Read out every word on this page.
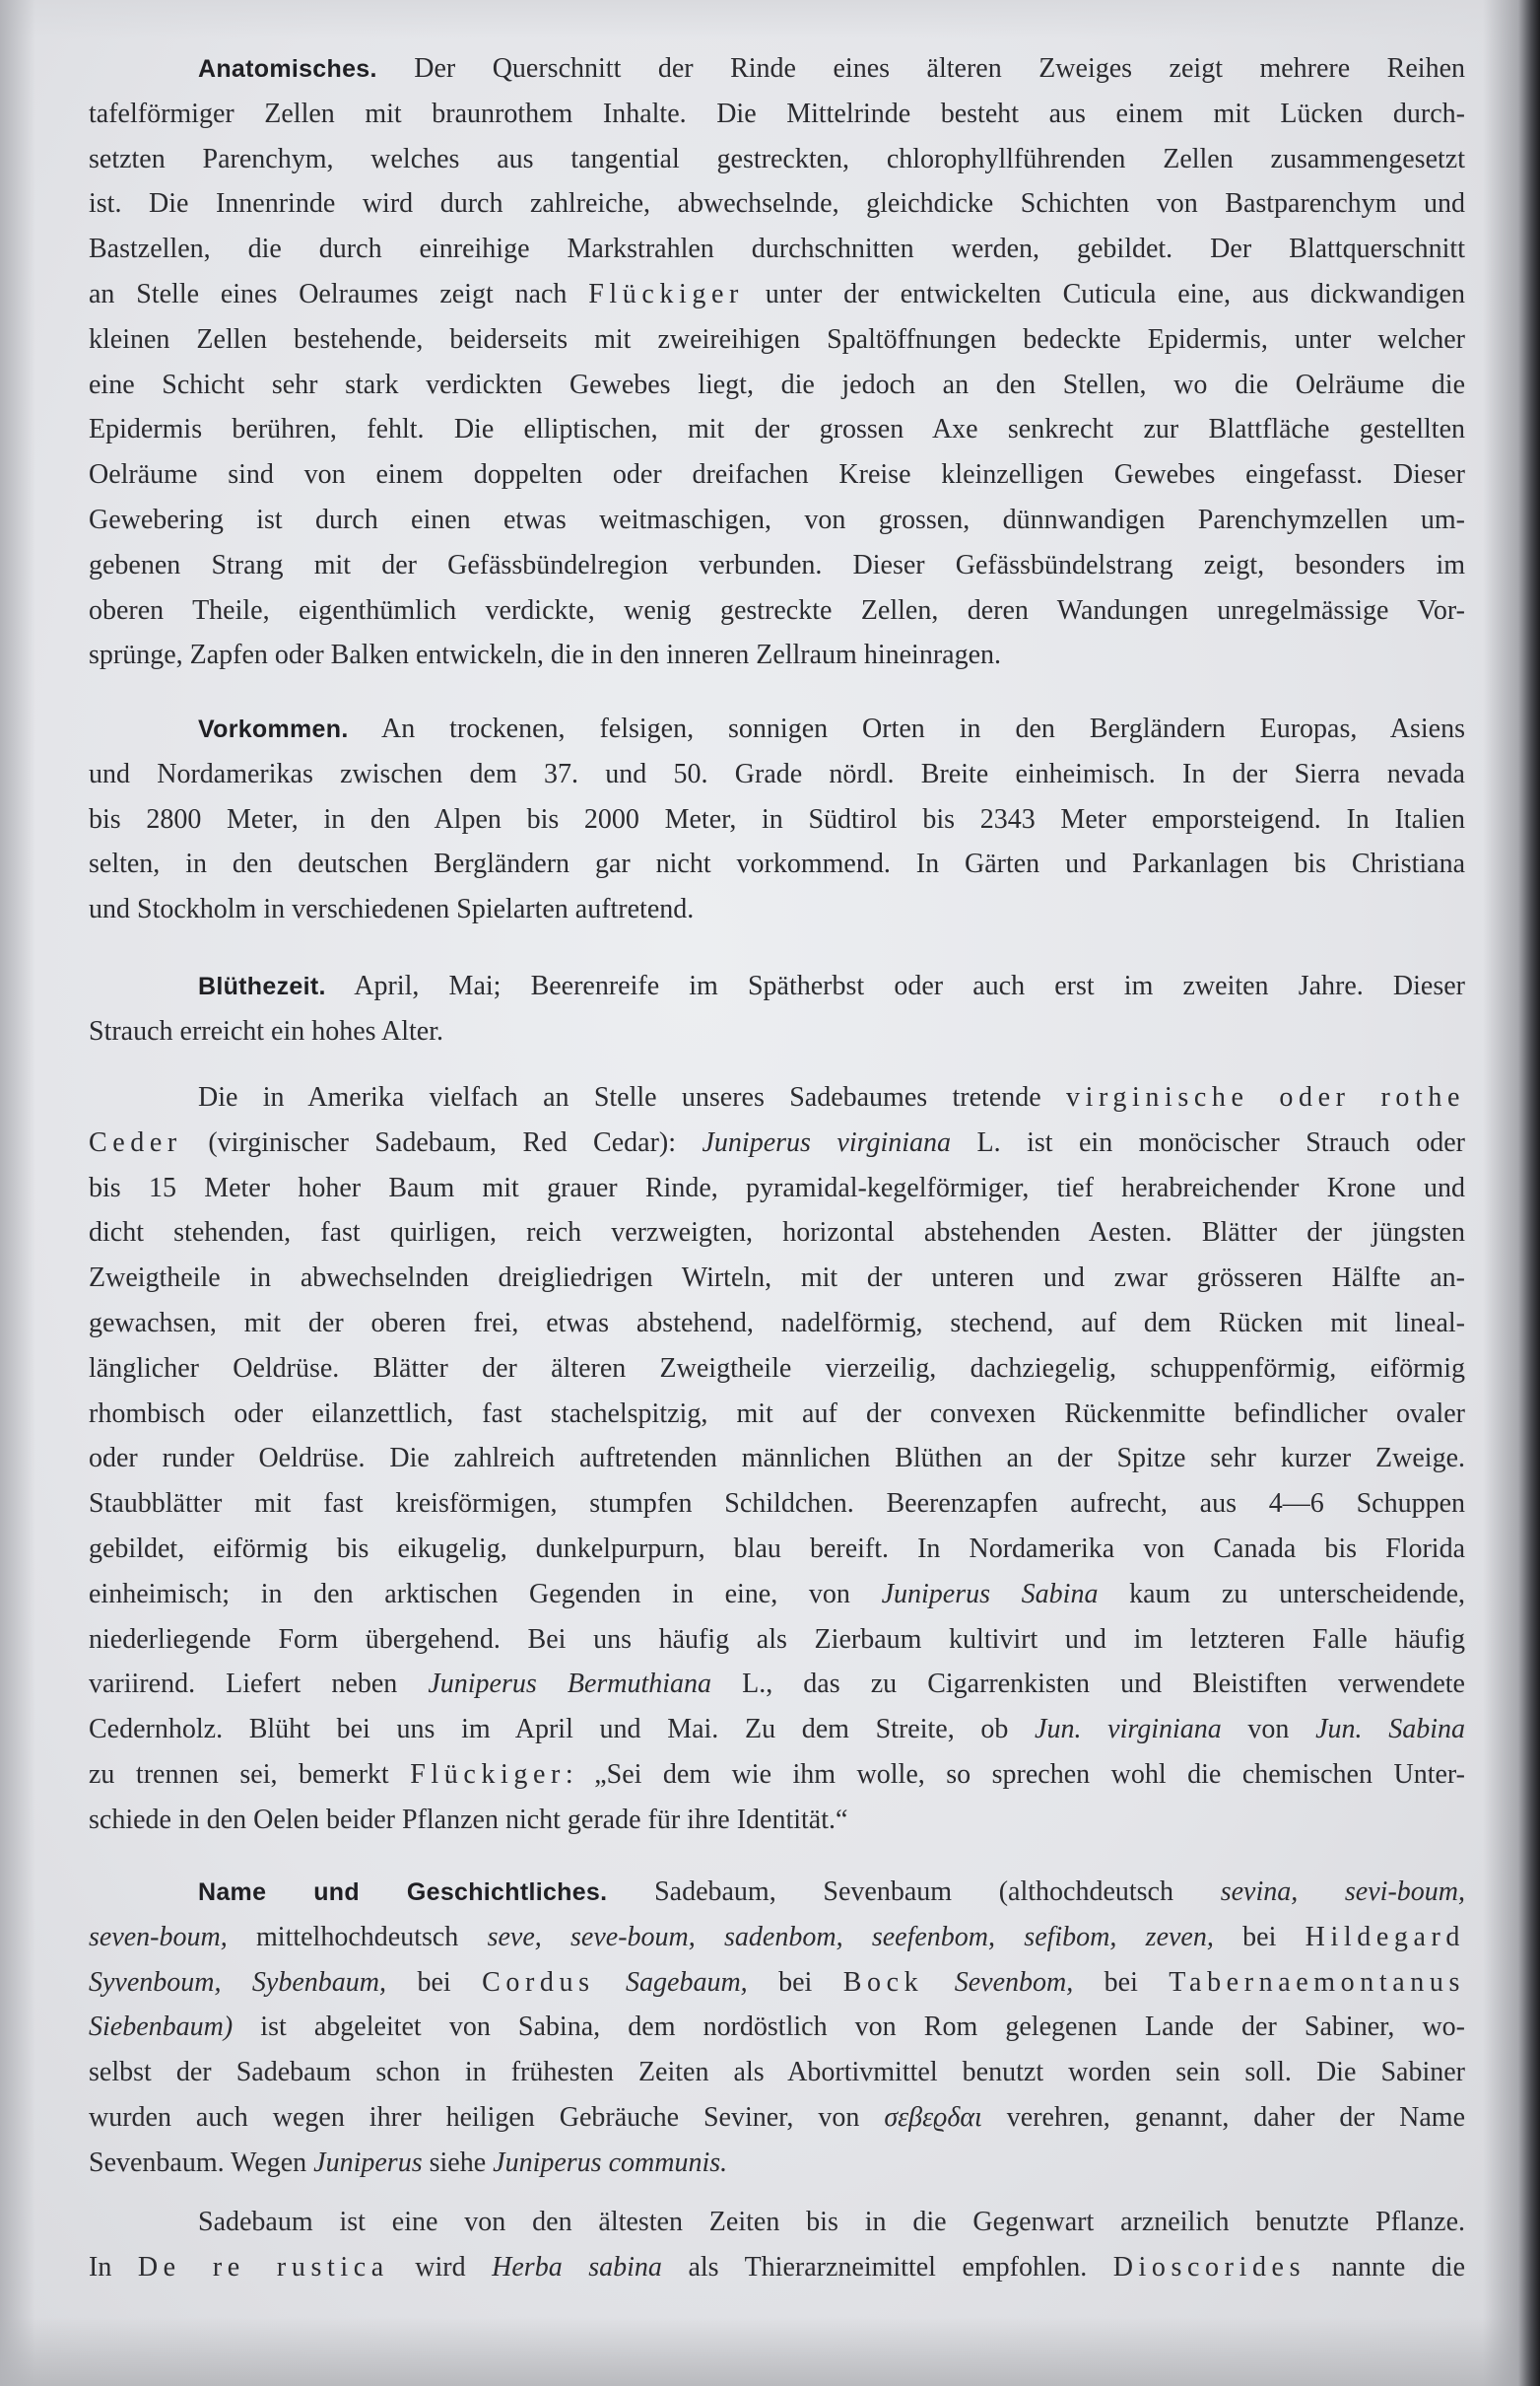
Anatomisches. Der Querschnitt der Rinde eines älteren Zweiges zeigt mehrere Reihen
tafelförmiger Zellen mit braunrothem Inhalte. Die Mittelrinde besteht aus einem mit Lücken durch-
setzten Parenchym, welches aus tangential gestreckten, chlorophyllführenden Zellen zusammengesetzt
ist. Die Innenrinde wird durch zahlreiche, abwechselnde, gleichdicke Schichten von Bastparenchym und
Bastzellen, die durch einreihige Markstrahlen durchschnitten werden, gebildet. Der Blattquerschnitt
an Stelle eines Oelraumes zeigt nach Flückiger unter der entwickelten Cuticula eine, aus dickwandigen
kleinen Zellen bestehende, beiderseits mit zweireihigen Spaltöffnungen bedeckte Epidermis, unter welcher
eine Schicht sehr stark verdickten Gewebes liegt, die jedoch an den Stellen, wo die Oelräume die
Epidermis berühren, fehlt. Die elliptischen, mit der grossen Axe senkrecht zur Blattfläche gestellten
Oelräume sind von einem doppelten oder dreifachen Kreise kleinzelligen Gewebes eingefasst. Dieser
Gewebering ist durch einen etwas weitmaschigen, von grossen, dünnwandigen Parenchymzellen um-
gebenen Strang mit der Gefässbündelregion verbunden. Dieser Gefässbündelstrang zeigt, besonders im
oberen Theile, eigenthümlich verdickte, wenig gestreckte Zellen, deren Wandungen unregelmässige Vor-
sprünge, Zapfen oder Balken entwickeln, die in den inneren Zellraum hineinragen.
Vorkommen. An trockenen, felsigen, sonnigen Orten in den Bergländern Europas, Asiens
und Nordamerikas zwischen dem 37. und 50. Grade nördl. Breite einheimisch. In der Sierra nevada
bis 2800 Meter, in den Alpen bis 2000 Meter, in Südtirol bis 2343 Meter emporsteigend. In Italien
selten, in den deutschen Bergländern gar nicht vorkommend. In Gärten und Parkanlagen bis Christiana
und Stockholm in verschiedenen Spielarten auftretend.
Blüthezeit. April, Mai; Beerenreife im Spätherbst oder auch erst im zweiten Jahre. Dieser
Strauch erreicht ein hohes Alter.
Die in Amerika vielfach an Stelle unseres Sadebaumes tretende virginische oder rothe
Ceder (virginischer Sadebaum, Red Cedar): Juniperus virginiana L. ist ein monöcischer Strauch oder
bis 15 Meter hoher Baum mit grauer Rinde, pyramidal-kegelförmiger, tief herabreichender Krone und
dicht stehenden, fast quirligen, reich verzweigten, horizontal abstehenden Aesten. Blätter der jüngsten
Zweigtheile in abwechselnden dreigliedrigen Wirteln, mit der unteren und zwar grösseren Hälfte an-
gewachsen, mit der oberen frei, etwas abstehend, nadelförmig, stechend, auf dem Rücken mit lineal-
länglicher Oeldrüse. Blätter der älteren Zweigtheile vierzeilig, dachziegelig, schuppenförmig, eiförmig
rhombisch oder eilanzettlich, fast stachelspitzig, mit auf der convexen Rückenmitte befindlicher ovaler
oder runder Oeldrüse. Die zahlreich auftretenden männlichen Blüthen an der Spitze sehr kurzer Zweige.
Staubblätter mit fast kreisförmigen, stumpfen Schildchen. Beerenzapfen aufrecht, aus 4—6 Schuppen
gebildet, eiförmig bis eikugelig, dunkelpurpurn, blau bereift. In Nordamerika von Canada bis Florida
einheimisch; in den arktischen Gegenden in eine, von Juniperus Sabina kaum zu unterscheidende,
niederliegende Form übergehend. Bei uns häufig als Zierbaum kultivirt und im letzteren Falle häufig
variirend. Liefert neben Juniperus Bermuthiana L., das zu Cigarrenkisten und Bleistiften verwendete
Cedernholz. Blüht bei uns im April und Mai. Zu dem Streite, ob Jun. virginiana von Jun. Sabina
zu trennen sei, bemerkt Flückiger: „Sei dem wie ihm wolle, so sprechen wohl die chemischen Unter-
schiede in den Oelen beider Pflanzen nicht gerade für ihre Identität.“
Name und Geschichtliches. Sadebaum, Sevenbaum (althochdeutsch sevina, sevi-boum,
seven-boum, mittelhochdeutsch seve, seve-boum, sadenbom, seefenbom, sefibom, zeven, bei Hildegard
Syvenboum, Sybenbaum, bei Cordus Sagebaum, bei Bock Sevenbom, bei Tabernaemontanus
Siebenbaum) ist abgeleitet von Sabina, dem nordöstlich von Rom gelegenen Lande der Sabiner, wo-
selbst der Sadebaum schon in frühesten Zeiten als Abortivmittel benutzt worden sein soll. Die Sabiner
wurden auch wegen ihrer heiligen Gebräuche Seviner, von σεβεϱδαι verehren, genannt, daher der Name
Sevenbaum. Wegen Juniperus siehe Juniperus communis.
Sadebaum ist eine von den ältesten Zeiten bis in die Gegenwart arzneilich benutzte Pflanze.
In De re rustica wird Herba sabina als Thierarzneimittel empfohlen. Dioscorides nannte die
